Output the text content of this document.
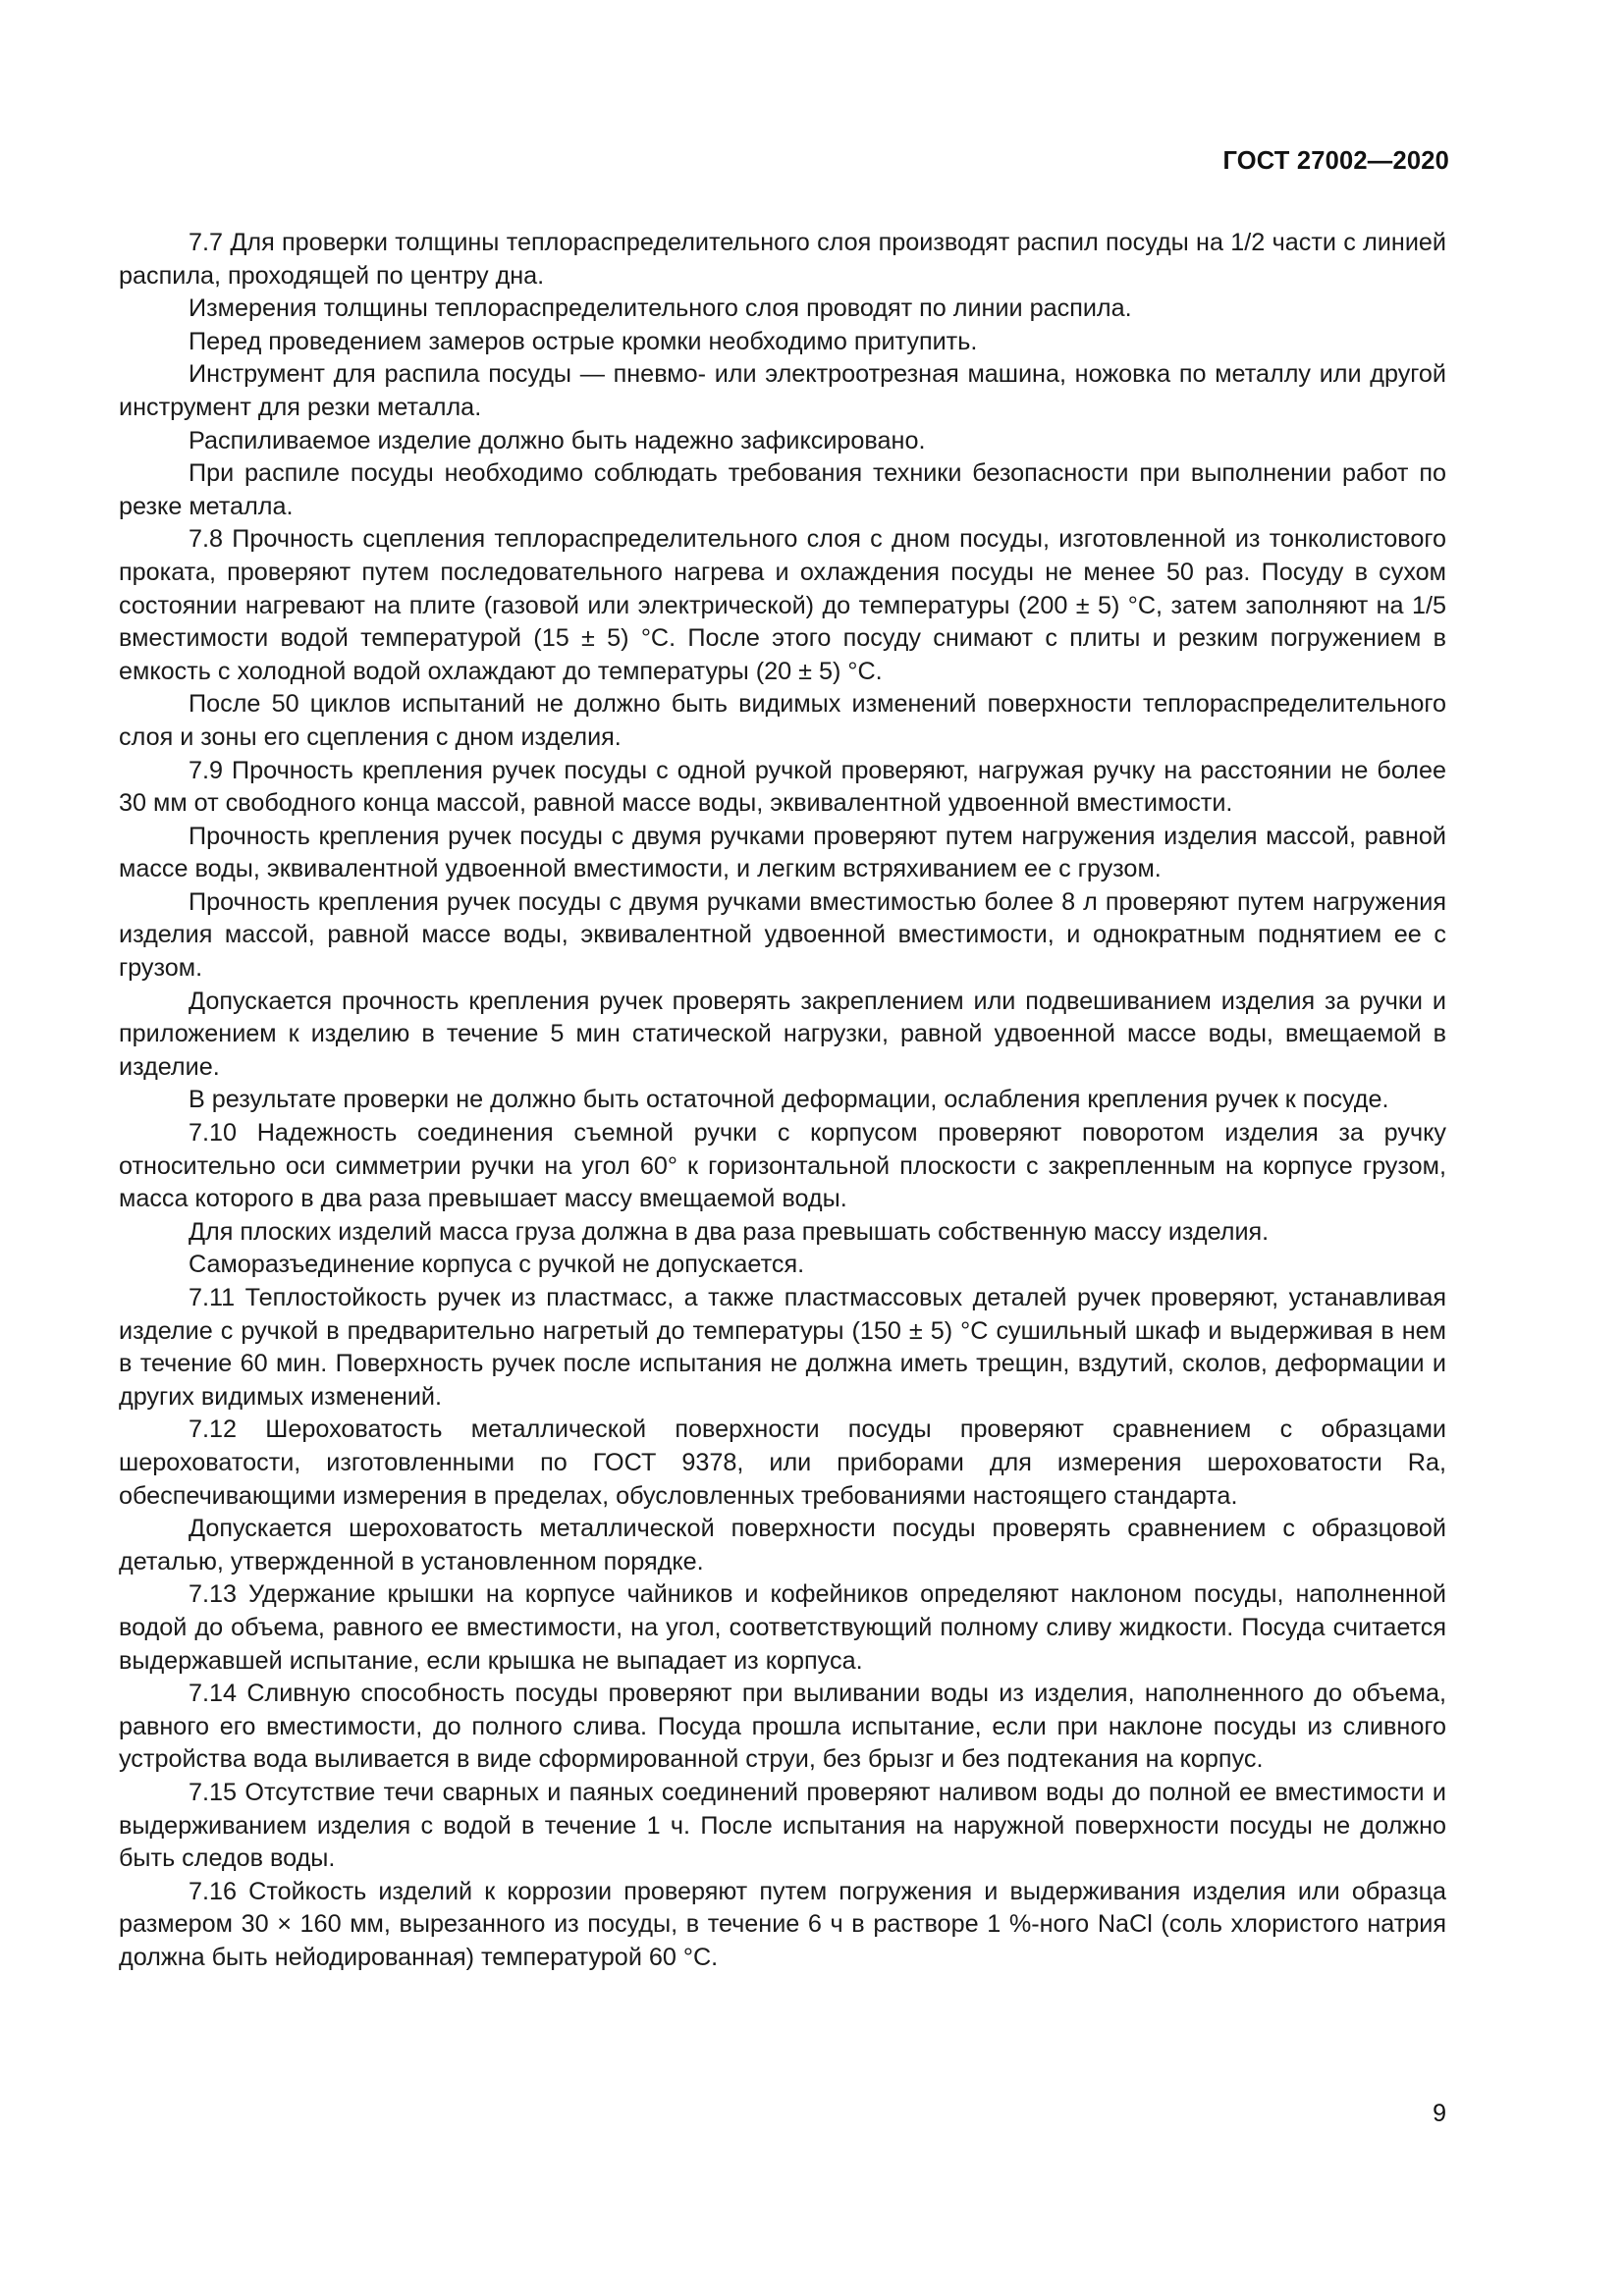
ГОСТ 27002—2020

7.7 Для проверки толщины теплораспределительного слоя производят распил посуды на 1/2 части с линией распила, проходящей по центру дна.

Измерения толщины теплораспределительного слоя проводят по линии распила.

Перед проведением замеров острые кромки необходимо притупить.

Инструмент для распила посуды — пневмо- или электроотрезная машина, ножовка по металлу или другой инструмент для резки металла.

Распиливаемое изделие должно быть надежно зафиксировано.

При распиле посуды необходимо соблюдать требования техники безопасности при выполнении работ по резке металла.

7.8 Прочность сцепления теплораспределительного слоя с дном посуды, изготовленной из тонколистового проката, проверяют путем последовательного нагрева и охлаждения посуды не менее 50 раз. Посуду в сухом состоянии нагревают на плите (газовой или электрической) до температуры (200 ± 5) °С, затем заполняют на 1/5 вместимости водой температурой (15 ± 5) °С. После этого посуду снимают с плиты и резким погружением в емкость с холодной водой охлаждают до температуры (20 ± 5) °С.

После 50 циклов испытаний не должно быть видимых изменений поверхности теплораспределительного слоя и зоны его сцепления с дном изделия.

7.9 Прочность крепления ручек посуды с одной ручкой проверяют, нагружая ручку на расстоянии не более 30 мм от свободного конца массой, равной массе воды, эквивалентной удвоенной вместимости.

Прочность крепления ручек посуды с двумя ручками проверяют путем нагружения изделия массой, равной массе воды, эквивалентной удвоенной вместимости, и легким встряхиванием ее с грузом.

Прочность крепления ручек посуды с двумя ручками вместимостью более 8 л проверяют путем нагружения изделия массой, равной массе воды, эквивалентной удвоенной вместимости, и однократным поднятием ее с грузом.

Допускается прочность крепления ручек проверять закреплением или подвешиванием изделия за ручки и приложением к изделию в течение 5 мин статической нагрузки, равной удвоенной массе воды, вмещаемой в изделие.

В результате проверки не должно быть остаточной деформации, ослабления крепления ручек к посуде.

7.10 Надежность соединения съемной ручки с корпусом проверяют поворотом изделия за ручку относительно оси симметрии ручки на угол 60° к горизонтальной плоскости с закрепленным на корпусе грузом, масса которого в два раза превышает массу вмещаемой воды.

Для плоских изделий масса груза должна в два раза превышать собственную массу изделия.

Саморазъединение корпуса с ручкой не допускается.

7.11 Теплостойкость ручек из пластмасс, а также пластмассовых деталей ручек проверяют, устанавливая изделие с ручкой в предварительно нагретый до температуры (150 ± 5) °С сушильный шкаф и выдерживая в нем в течение 60 мин. Поверхность ручек после испытания не должна иметь трещин, вздутий, сколов, деформации и других видимых изменений.

7.12 Шероховатость металлической поверхности посуды проверяют сравнением с образцами шероховатости, изготовленными по ГОСТ 9378, или приборами для измерения шероховатости Ra, обеспечивающими измерения в пределах, обусловленных требованиями настоящего стандарта.

Допускается шероховатость металлической поверхности посуды проверять сравнением с образцовой деталью, утвержденной в установленном порядке.

7.13 Удержание крышки на корпусе чайников и кофейников определяют наклоном посуды, наполненной водой до объема, равного ее вместимости, на угол, соответствующий полному сливу жидкости. Посуда считается выдержавшей испытание, если крышка не выпадает из корпуса.

7.14 Сливную способность посуды проверяют при выливании воды из изделия, наполненного до объема, равного его вместимости, до полного слива. Посуда прошла испытание, если при наклоне посуды из сливного устройства вода выливается в виде сформированной струи, без брызг и без подтекания на корпус.

7.15 Отсутствие течи сварных и паяных соединений проверяют наливом воды до полной ее вместимости и выдерживанием изделия с водой в течение 1 ч. После испытания на наружной поверхности посуды не должно быть следов воды.

7.16 Стойкость изделий к коррозии проверяют путем погружения и выдерживания изделия или образца размером 30 × 160 мм, вырезанного из посуды, в течение 6 ч в растворе 1 %-ного NaCl (соль хлористого натрия должна быть нейодированная) температурой 60 °С.

9
